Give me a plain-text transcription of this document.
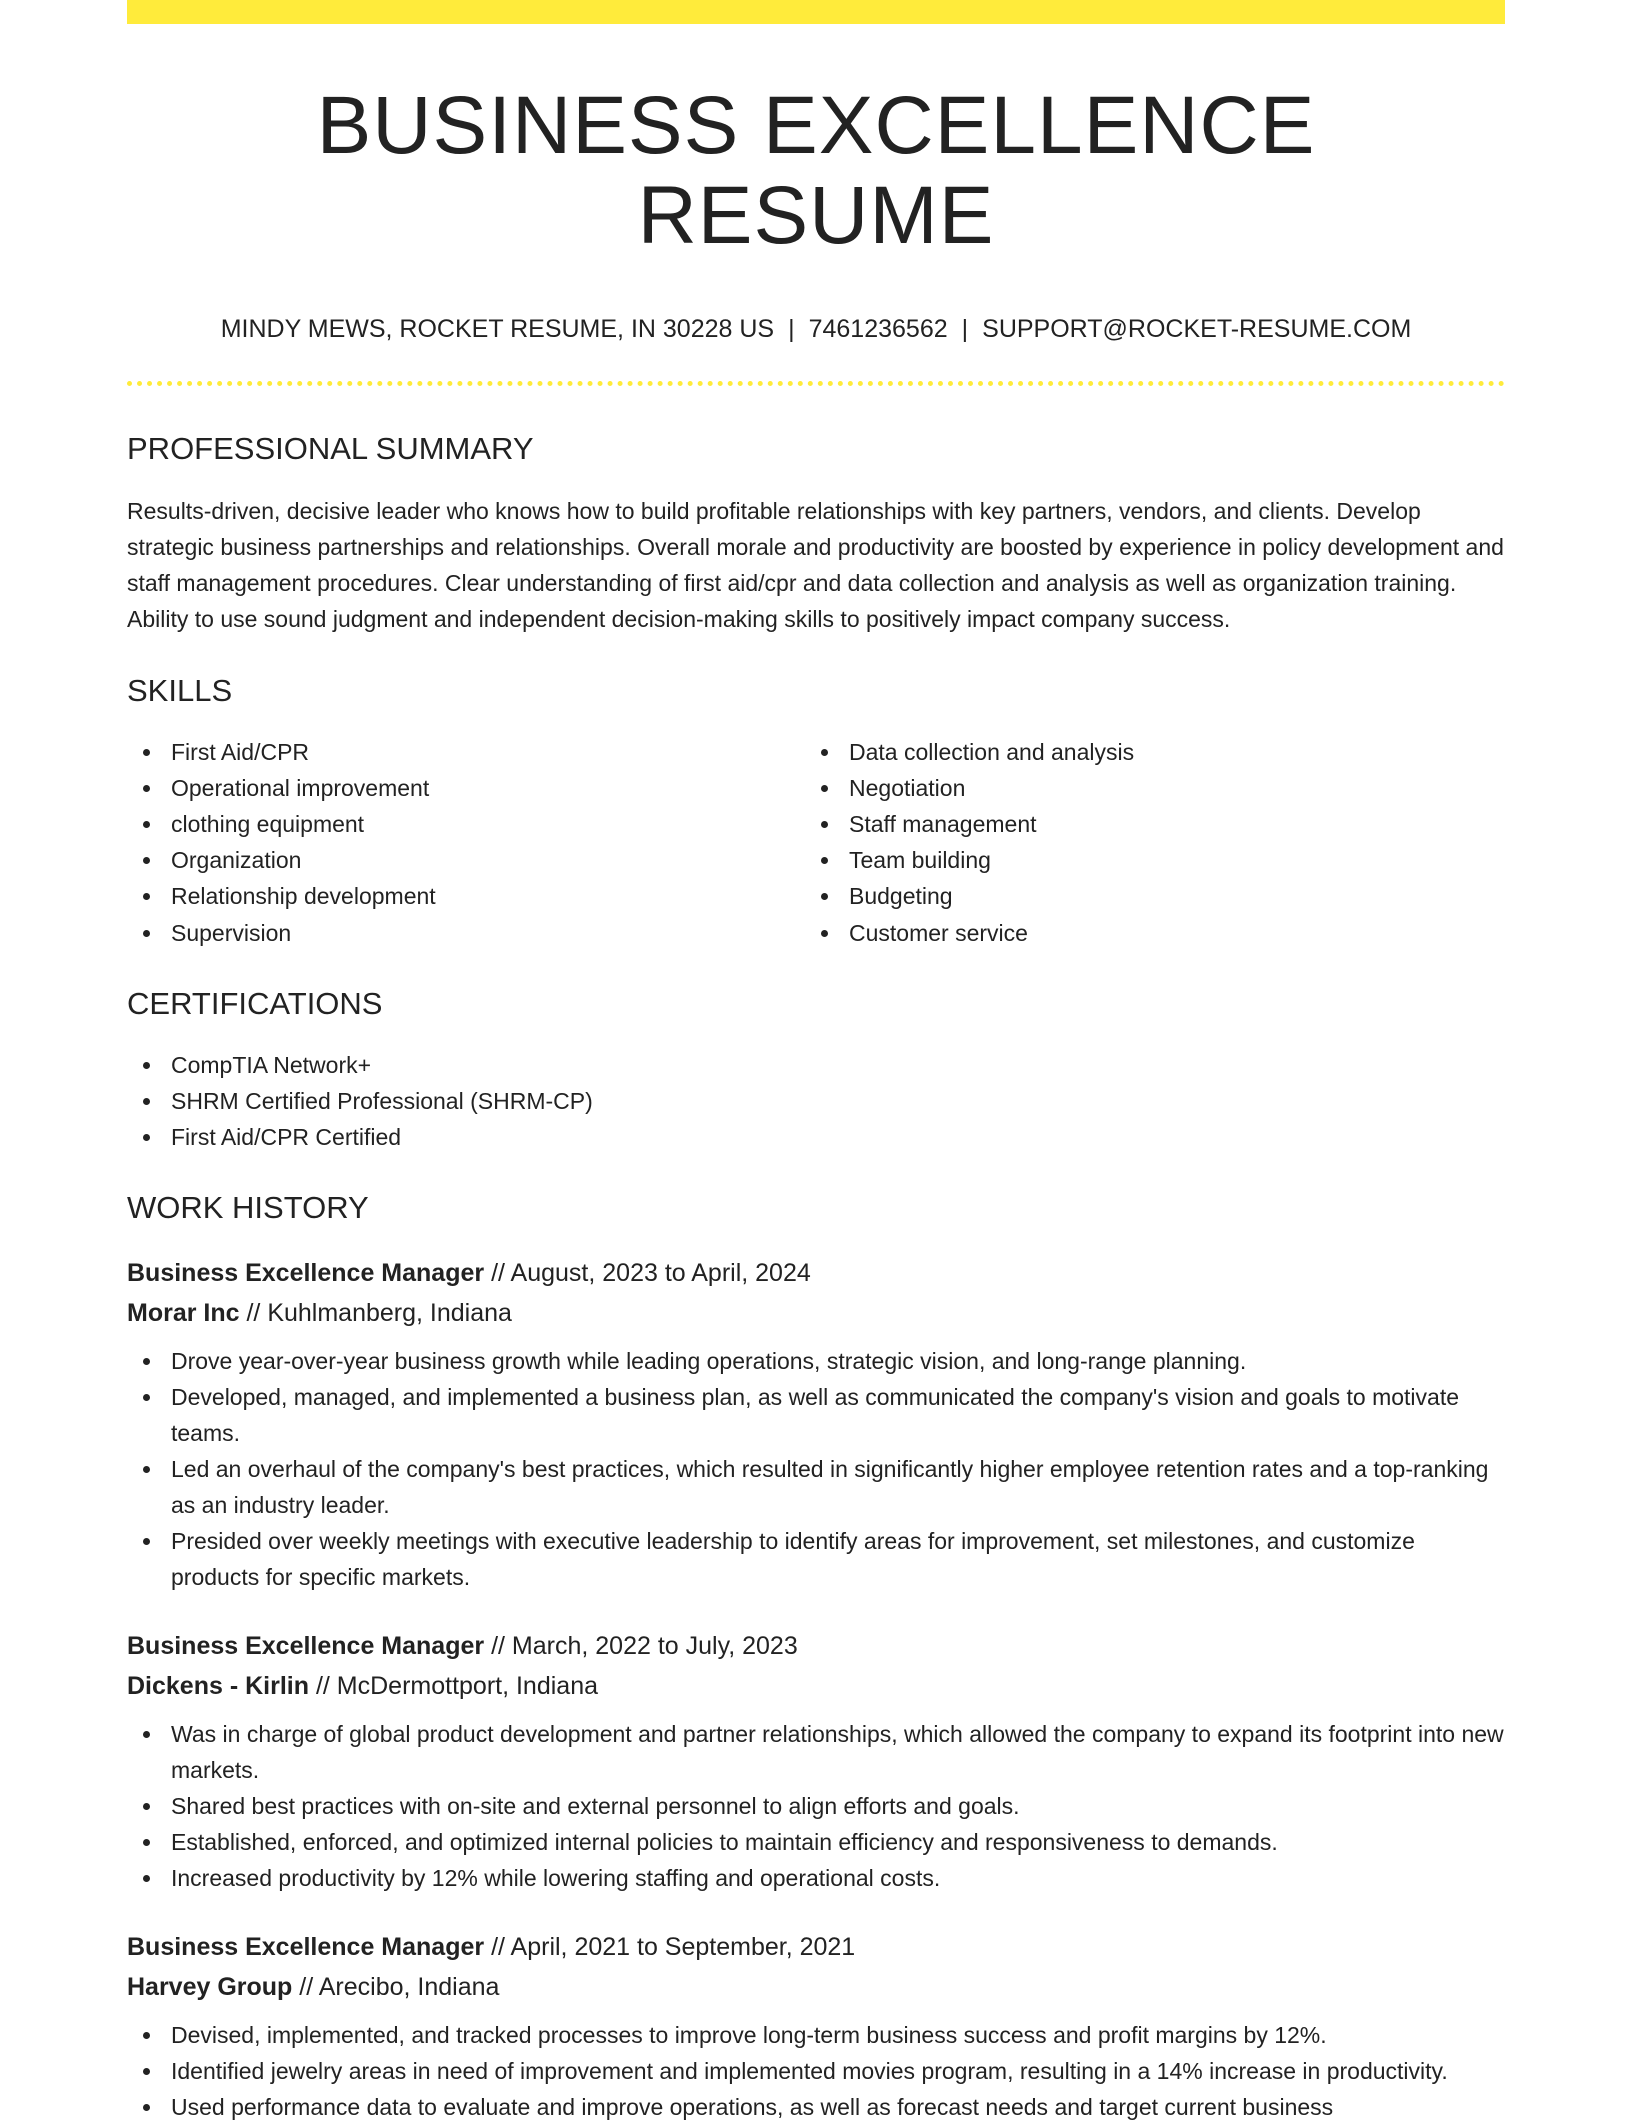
BUSINESS EXCELLENCE RESUME
MINDY MEWS, ROCKET RESUME, IN 30228 US | 7461236562 | SUPPORT@ROCKET-RESUME.COM
PROFESSIONAL SUMMARY
Results-driven, decisive leader who knows how to build profitable relationships with key partners, vendors, and clients. Develop strategic business partnerships and relationships. Overall morale and productivity are boosted by experience in policy development and staff management procedures. Clear understanding of first aid/cpr and data collection and analysis as well as organization training. Ability to use sound judgment and independent decision-making skills to positively impact company success.
SKILLS
First Aid/CPR
Operational improvement
clothing equipment
Organization
Relationship development
Supervision
Data collection and analysis
Negotiation
Staff management
Team building
Budgeting
Customer service
CERTIFICATIONS
CompTIA Network+
SHRM Certified Professional (SHRM-CP)
First Aid/CPR Certified
WORK HISTORY
Business Excellence Manager // August, 2023 to April, 2024
Morar Inc // Kuhlmanberg, Indiana
Drove year-over-year business growth while leading operations, strategic vision, and long-range planning.
Developed, managed, and implemented a business plan, as well as communicated the company's vision and goals to motivate teams.
Led an overhaul of the company's best practices, which resulted in significantly higher employee retention rates and a top-ranking as an industry leader.
Presided over weekly meetings with executive leadership to identify areas for improvement, set milestones, and customize products for specific markets.
Business Excellence Manager // March, 2022 to July, 2023
Dickens - Kirlin // McDermottport, Indiana
Was in charge of global product development and partner relationships, which allowed the company to expand its footprint into new markets.
Shared best practices with on-site and external personnel to align efforts and goals.
Established, enforced, and optimized internal policies to maintain efficiency and responsiveness to demands.
Increased productivity by 12% while lowering staffing and operational costs.
Business Excellence Manager // April, 2021 to September, 2021
Harvey Group // Arecibo, Indiana
Devised, implemented, and tracked processes to improve long-term business success and profit margins by 12%.
Identified jewelry areas in need of improvement and implemented movies program, resulting in a 14% increase in productivity.
Used performance data to evaluate and improve operations, as well as forecast needs and target current business
